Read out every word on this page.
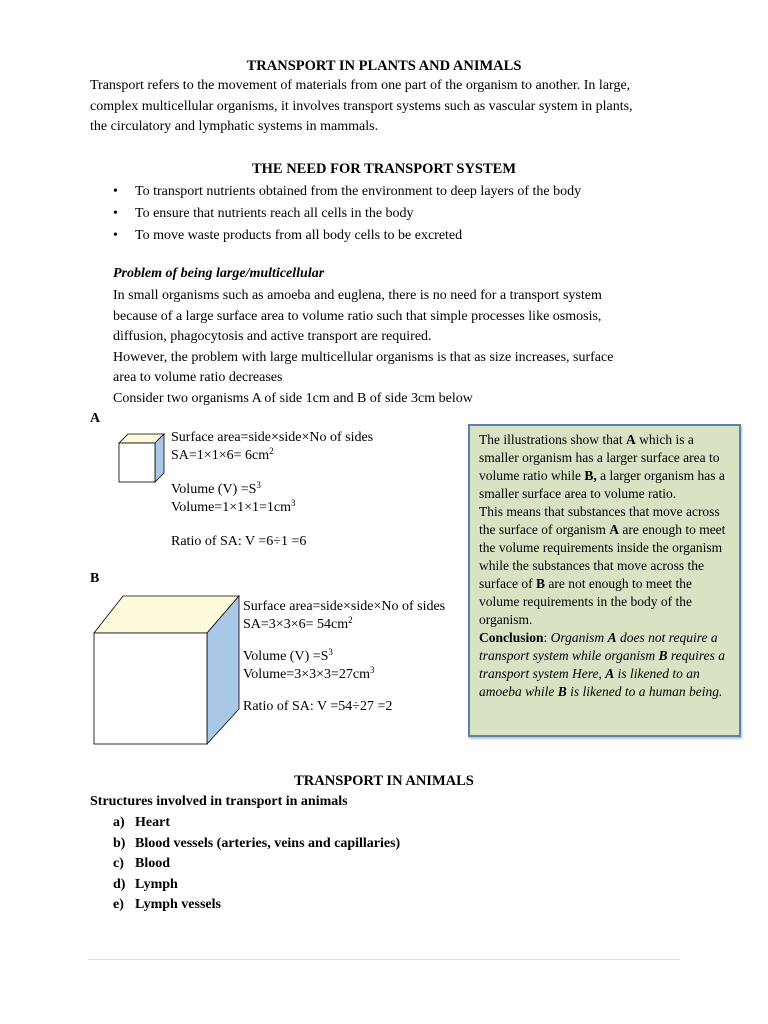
TRANSPORT IN PLANTS AND ANIMALS
Transport refers to the movement of materials from one part of the organism to another. In large,
complex multicellular organisms, it involves transport systems such as vascular system in plants,
the circulatory and lymphatic systems in mammals.
THE NEED FOR TRANSPORT SYSTEM
• To transport nutrients obtained from the environment to deep layers of the body
• To ensure that nutrients reach all cells in the body
• To move waste products from all body cells to be excreted
Problem of being large/multicellular
In small organisms such as amoeba and euglena, there is no need for a transport system
because of a large surface area to volume ratio such that simple processes like osmosis,
diffusion, phagocytosis and active transport are required.
However, the problem with large multicellular organisms is that as size increases, surface
area to volume ratio decreases
Consider two organisms A of side 1cm and B of side 3cm below
A
Surface area=side×side×No of sides
$SA=1\times 1\times 6= 6cm^2$
Volume $(V) =S^3$
$Volume=1\times 1\times 1=1cm^3$
Ratio of SA: V =6÷1 =6
B
Surface area=side×side×No of sides
$SA=3\times 3\times 6= 54cm^2$
Volume $(V) =S^3$
$Volume=3\times 3\times 3=27cm^3$
Ratio of SA: V =54÷27 =2
The illustrations show that A which is a smaller organism has a larger surface area to volume ratio while B, a larger organism has a smaller surface area to volume ratio.
This means that substances that move across the surface of organism A are enough to meet the volume requirements inside the organism while the substances that move across the surface of B are not enough to meet the volume requirements in the body of the organism.
Conclusion: Organism A does not require a transport system while organism B requires a transport system Here, A is likened to an amoeba while B is likened to a human being.
TRANSPORT IN ANIMALS
Structures involved in transport in animals
a) Heart
b) Blood vessels (arteries, veins and capillaries)
c) Blood
d) Lymph
e) Lymph vessels
